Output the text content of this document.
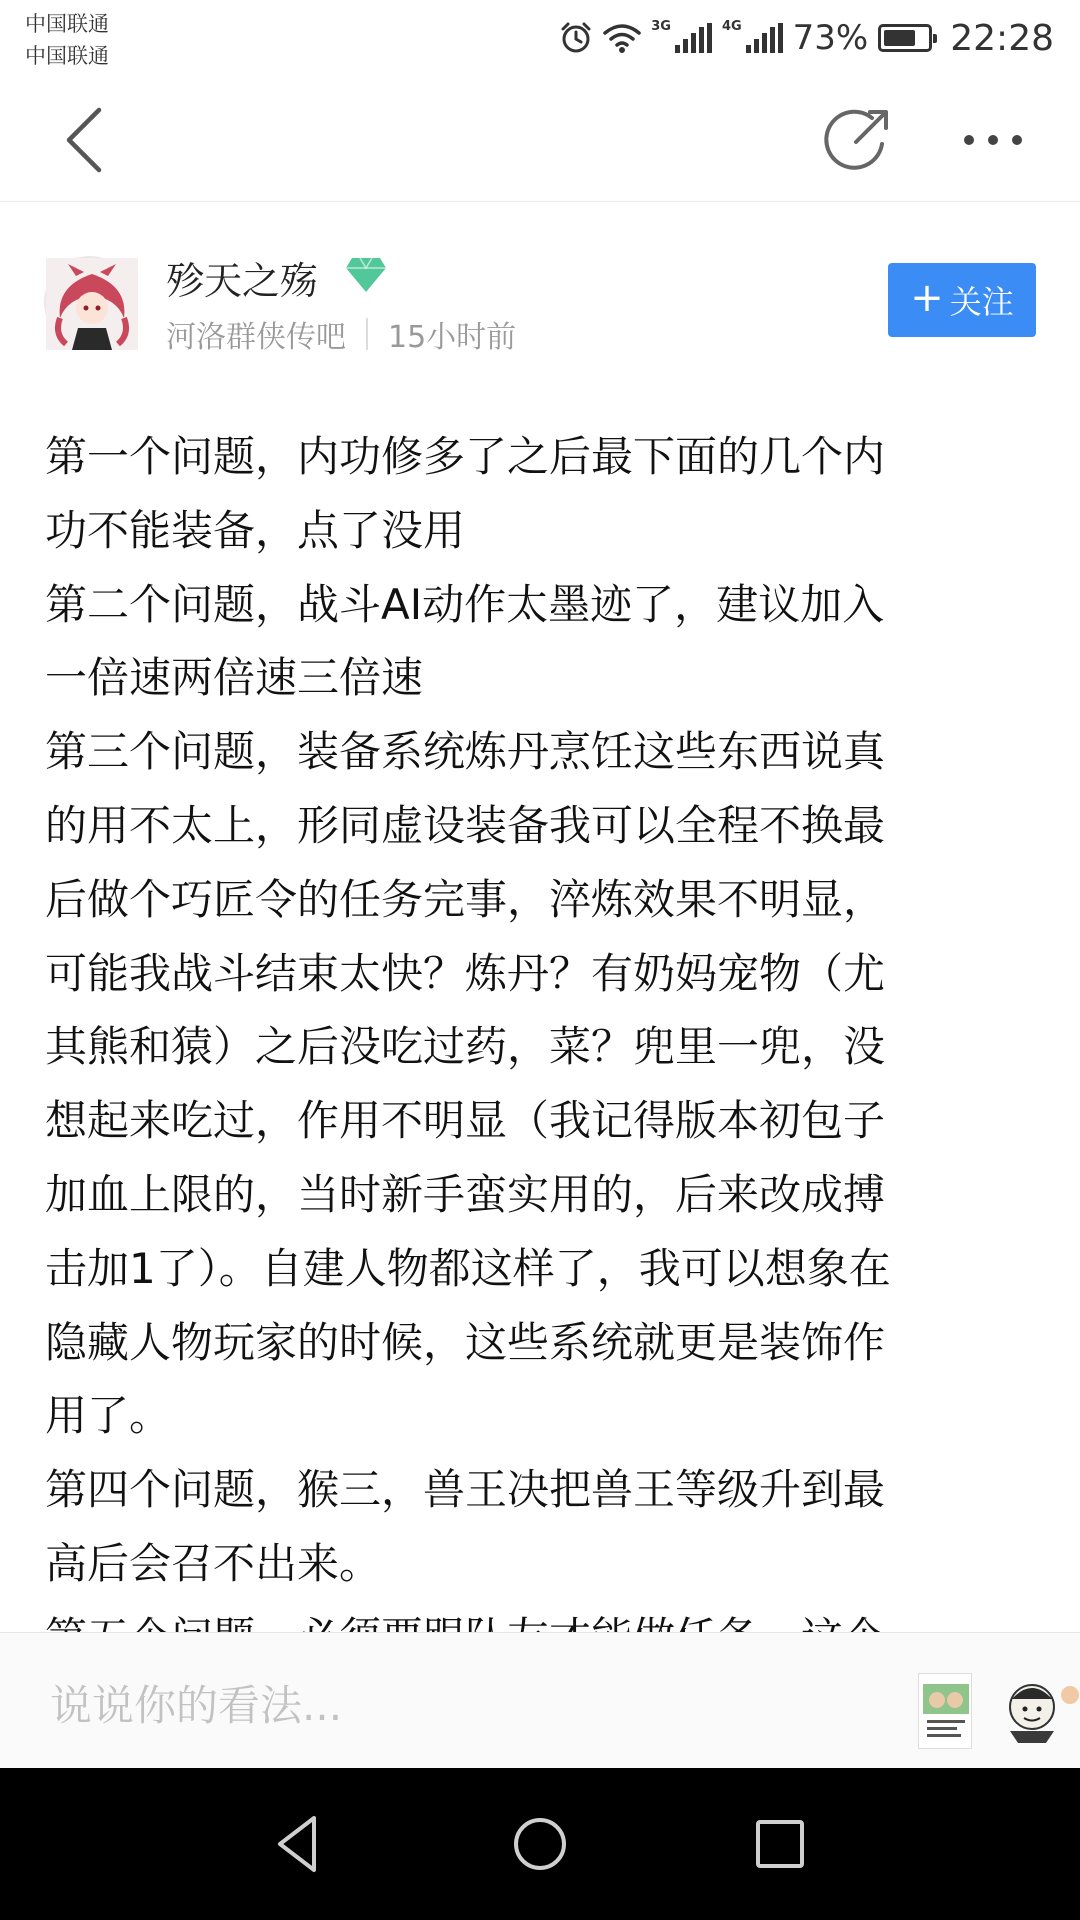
中国联通
中国联通
3G	4G 73% 22:28
殄天之殇
河洛群侠传吧 15小时前
+ 关注

第一个问题，内功修多了之后最下面的几个内

功不能装备，点了没用

第二个问题，战斗AI动作太墨迹了，建议加入

一倍速两倍速三倍速

第三个问题，装备系统炼丹烹饪这些东西说真

的用不太上，形同虚设装备我可以全程不换最

后做个巧匠令的任务完事，淬炼效果不明显，

可能我战斗结束太快？炼丹？有奶妈宠物（尤

其熊和猿）之后没吃过药，菜？兜里一兜，没

想起来吃过，作用不明显（我记得版本初包子

加血上限的，当时新手蛮实用的，后来改成搏

击加1了）。自建人物都这样了，我可以想象在

隐藏人物玩家的时候，这些系统就更是装饰作

用了。

第四个问题，猴三，兽王决把兽王等级升到最

高后会召不出来。

说说你的看法...
